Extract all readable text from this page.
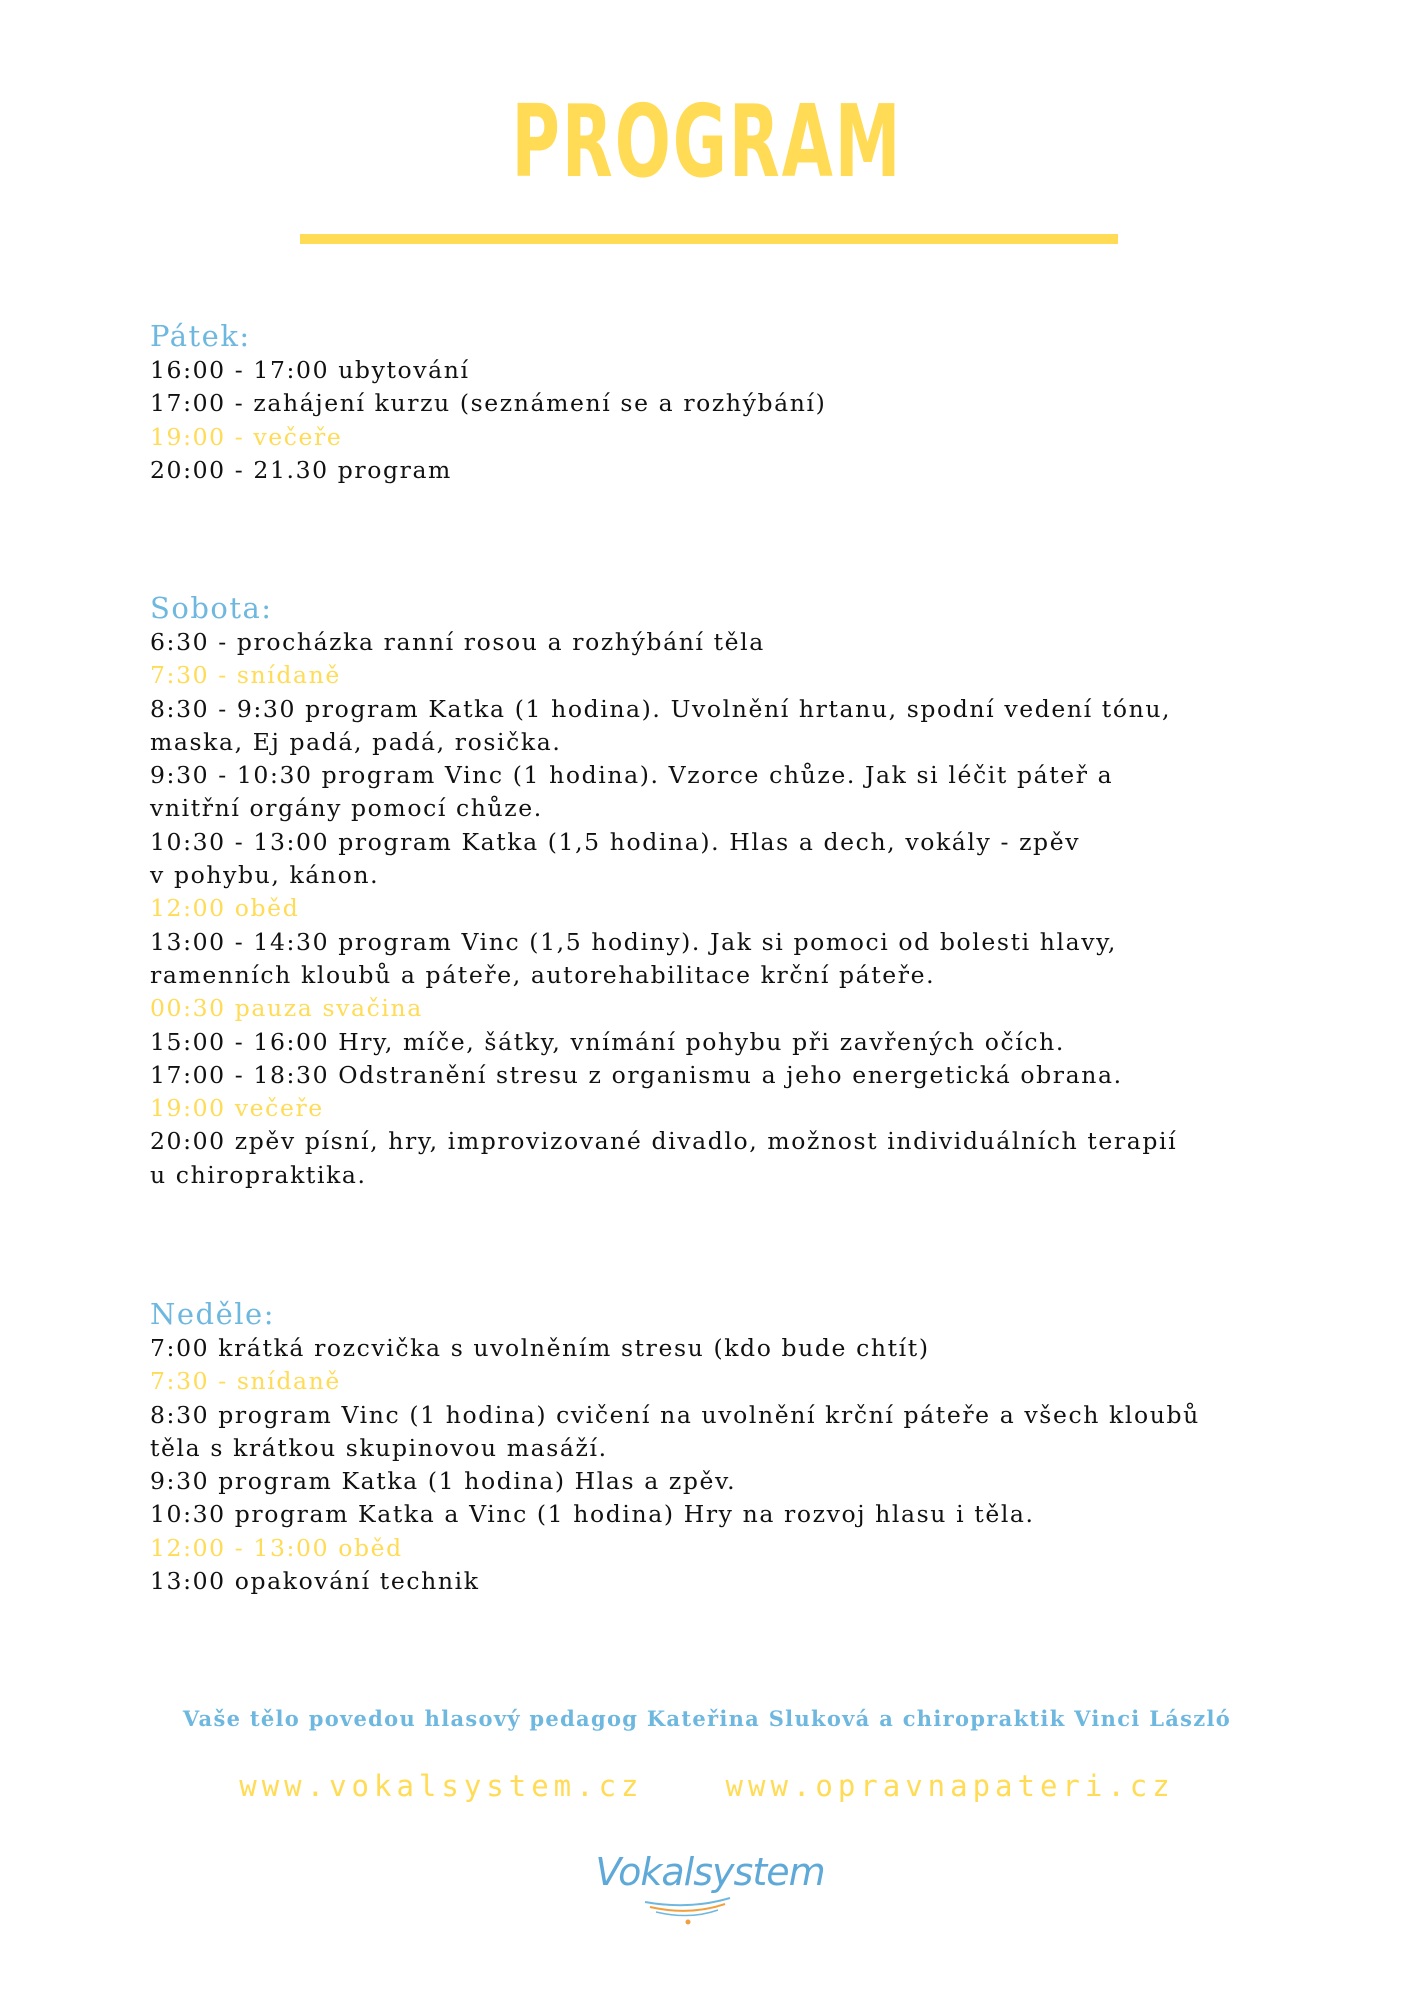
PROGRAM
Pátek:
16:00 - 17:00 ubytování
17:00 - zahájení kurzu (seznámení se a rozhýbání)
19:00 - večeře
20:00 - 21.30 program
Sobota:
6:30 - procházka ranní rosou a rozhýbání těla
7:30 - snídaně
8:30 - 9:30 program Katka (1 hodina). Uvolnění hrtanu, spodní vedení tónu,
maska, Ej padá, padá, rosička.
9:30 - 10:30 program Vinc (1 hodina). Vzorce chůze. Jak si léčit páteř a
vnitřní orgány pomocí chůze.
10:30 - 13:00 program Katka (1,5 hodina). Hlas a dech, vokály - zpěv
v pohybu, kánon.
12:00 oběd
13:00 - 14:30 program Vinc (1,5 hodiny). Jak si pomoci od bolesti hlavy,
ramenních kloubů a páteře, autorehabilitace krční páteře.
00:30 pauza svačina
15:00 - 16:00 Hry, míče, šátky, vnímání pohybu při zavřených očích.
17:00 - 18:30 Odstranění stresu z organismu a jeho energetická obrana.
19:00 večeře
20:00 zpěv písní, hry, improvizované divadlo, možnost individuálních terapií
u chiropraktika.
Neděle:
7:00 krátká rozcvička s uvolněním stresu (kdo bude chtít)
7:30 - snídaně
8:30 program Vinc (1 hodina) cvičení na uvolnění krční páteře a všech kloubů
těla s krátkou skupinovou masáží.
9:30 program Katka (1 hodina) Hlas a zpěv.
10:30 program Katka a Vinc (1 hodina) Hry na rozvoj hlasu i těla.
12:00 - 13:00 oběd
13:00 opakování technik
Vaše tělo povedou hlasový pedagog Kateřina Sluková a chiropraktik Vinci László
www.vokalsystem.cz	www.opravnapateri.cz
Vokalsystem
